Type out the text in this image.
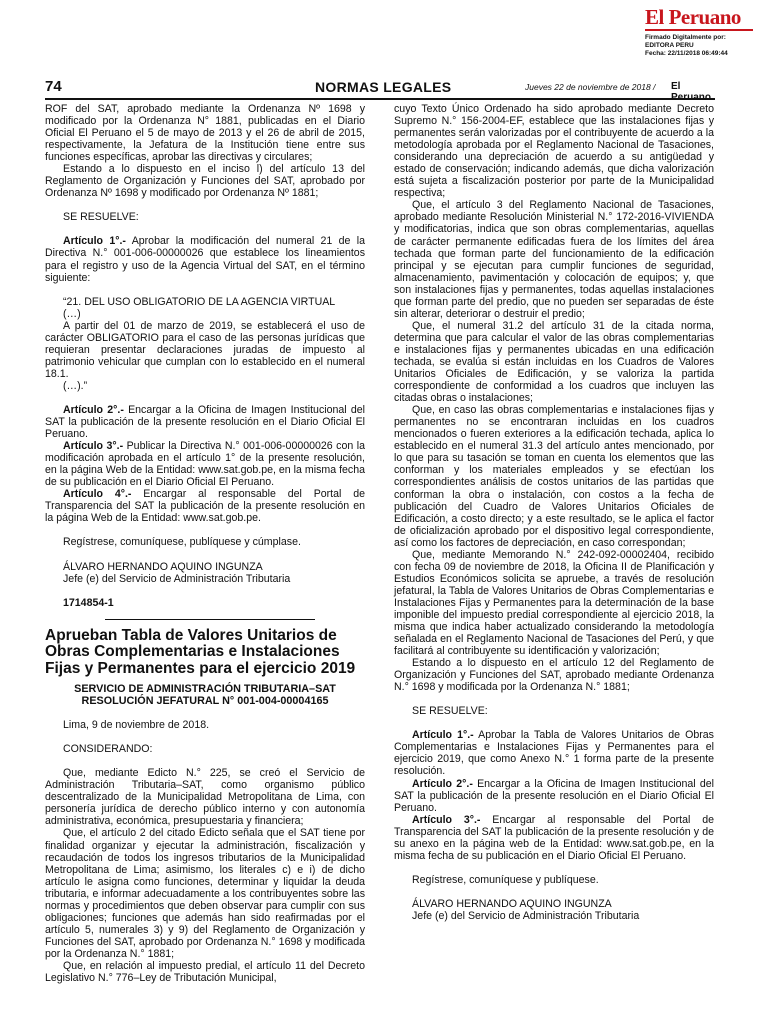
El Peruano
Firmado Digitalmente por:
EDITORA PERU
Fecha: 22/11/2018 06:49:44
74	NORMAS LEGALES	Jueves 22 de noviembre de 2018 / El Peruano

ROF del SAT, aprobado mediante la Ordenanza Nº 1698 y modificado por la Ordenanza N° 1881, publicadas en el Diario Oficial El Peruano el 5 de mayo de 2013 y el 26 de abril de 2015, respectivamente, la Jefatura de la Institución tiene entre sus funciones específicas, aprobar las directivas y circulares;

Estando a lo dispuesto en el inciso l) del artículo 13 del Reglamento de Organización y Funciones del SAT, aprobado por Ordenanza Nº 1698 y modificado por Ordenanza Nº 1881;

SE RESUELVE:

Artículo 1°.- Aprobar la modificación del numeral 21 de la Directiva N.° 001-006-00000026 que establece los lineamientos para el registro y uso de la Agencia Virtual del SAT, en el término siguiente:

“21. DEL USO OBLIGATORIO DE LA AGENCIA VIRTUAL

(…)

A partir del 01 de marzo de 2019, se establecerá el uso de carácter OBLIGATORIO para el caso de las personas jurídicas que requieran presentar declaraciones juradas de impuesto al patrimonio vehicular que cumplan con lo establecido en el numeral 18.1.

(…).”

Artículo 2°.- Encargar a la Oficina de Imagen Institucional del SAT la publicación de la presente resolución en el Diario Oficial El Peruano.

Artículo 3°.- Publicar la Directiva N.° 001-006-00000026 con la modificación aprobada en el artículo 1° de la presente resolución, en la página Web de la Entidad: www.sat.gob.pe, en la misma fecha de su publicación en el Diario Oficial El Peruano.

Artículo 4°.- Encargar al responsable del Portal de Transparencia del SAT la publicación de la presente resolución en la página Web de la Entidad: www.sat.gob.pe.

Regístrese, comuníquese, publíquese y cúmplase.

ÁLVARO HERNANDO AQUINO INGUNZA

Jefe (e) del Servicio de Administración Tributaria

1714854-1
Aprueban Tabla de Valores Unitarios de Obras Complementarias e Instalaciones Fijas y Permanentes para el ejercicio 2019
SERVICIO DE ADMINISTRACIÓN TRIBUTARIA–SAT
RESOLUCIÓN JEFATURAL N° 001-004-00004165

Lima, 9 de noviembre de 2018.

CONSIDERANDO:

Que, mediante Edicto N.° 225, se creó el Servicio de Administración Tributaria–SAT, como organismo público descentralizado de la Municipalidad Metropolitana de Lima, con personería jurídica de derecho público interno y con autonomía administrativa, económica, presupuestaria y financiera;

Que, el artículo 2 del citado Edicto señala que el SAT tiene por finalidad organizar y ejecutar la administración, fiscalización y recaudación de todos los ingresos tributarios de la Municipalidad Metropolitana de Lima; asimismo, los literales c) e i) de dicho artículo le asigna como funciones, determinar y liquidar la deuda tributaria, e informar adecuadamente a los contribuyentes sobre las normas y procedimientos que deben observar para cumplir con sus obligaciones; funciones que además han sido reafirmadas por el artículo 5, numerales 3) y 9) del Reglamento de Organización y Funciones del SAT, aprobado por Ordenanza N.° 1698 y modificada por la Ordenanza N.° 1881;

Que, en relación al impuesto predial, el artículo 11 del Decreto Legislativo N.° 776–Ley de Tributación Municipal,

cuyo Texto Único Ordenado ha sido aprobado mediante Decreto Supremo N.° 156-2004-EF, establece que las instalaciones fijas y permanentes serán valorizadas por el contribuyente de acuerdo a la metodología aprobada por el Reglamento Nacional de Tasaciones, considerando una depreciación de acuerdo a su antigüedad y estado de conservación; indicando además, que dicha valorización está sujeta a fiscalización posterior por parte de la Municipalidad respectiva;

Que, el artículo 3 del Reglamento Nacional de Tasaciones, aprobado mediante Resolución Ministerial N.° 172-2016-VIVIENDA y modificatorias, indica que son obras complementarias, aquellas de carácter permanente edificadas fuera de los límites del área techada que forman parte del funcionamiento de la edificación principal y se ejecutan para cumplir funciones de seguridad, almacenamiento, pavimentación y colocación de equipos; y, que son instalaciones fijas y permanentes, todas aquellas instalaciones que forman parte del predio, que no pueden ser separadas de éste sin alterar, deteriorar o destruir el predio;

Que, el numeral 31.2 del artículo 31 de la citada norma, determina que para calcular el valor de las obras complementarias e instalaciones fijas y permanentes ubicadas en una edificación techada, se evalúa si están incluidas en los Cuadros de Valores Unitarios Oficiales de Edificación, y se valoriza la partida correspondiente de conformidad a los cuadros que incluyen las citadas obras o instalaciones;

Que, en caso las obras complementarias e instalaciones fijas y permanentes no se encontraran incluidas en los cuadros mencionados o fueren exteriores a la edificación techada, aplica lo establecido en el numeral 31.3 del artículo antes mencionado, por lo que para su tasación se toman en cuenta los elementos que las conforman y los materiales empleados y se efectúan los correspondientes análisis de costos unitarios de las partidas que conforman la obra o instalación, con costos a la fecha de publicación del Cuadro de Valores Unitarios Oficiales de Edificación, a costo directo; y a este resultado, se le aplica el factor de oficialización aprobado por el dispositivo legal correspondiente, así como los factores de depreciación, en caso correspondan;

Que, mediante Memorando N.° 242-092-00002404, recibido con fecha 09 de noviembre de 2018, la Oficina II de Planificación y Estudios Económicos solicita se apruebe, a través de resolución jefatural, la Tabla de Valores Unitarios de Obras Complementarias e Instalaciones Fijas y Permanentes para la determinación de la base imponible del impuesto predial correspondiente al ejercicio 2018, la misma que indica haber actualizado considerando la metodología señalada en el Reglamento Nacional de Tasaciones del Perú, y que facilitará al contribuyente su identificación y valorización;

Estando a lo dispuesto en el artículo 12 del Reglamento de Organización y Funciones del SAT, aprobado mediante Ordenanza N.° 1698 y modificada por la Ordenanza N.° 1881;

SE RESUELVE:

Artículo 1°.- Aprobar la Tabla de Valores Unitarios de Obras Complementarias e Instalaciones Fijas y Permanentes para el ejercicio 2019, que como Anexo N.° 1 forma parte de la presente resolución.

Artículo 2°.- Encargar a la Oficina de Imagen Institucional del SAT la publicación de la presente resolución en el Diario Oficial El Peruano.

Artículo 3°.- Encargar al responsable del Portal de Transparencia del SAT la publicación de la presente resolución y de su anexo en la página web de la Entidad: www.sat.gob.pe, en la misma fecha de su publicación en el Diario Oficial El Peruano.

Regístrese, comuníquese y publíquese.

ÁLVARO HERNANDO AQUINO INGUNZA

Jefe (e) del Servicio de Administración Tributaria
